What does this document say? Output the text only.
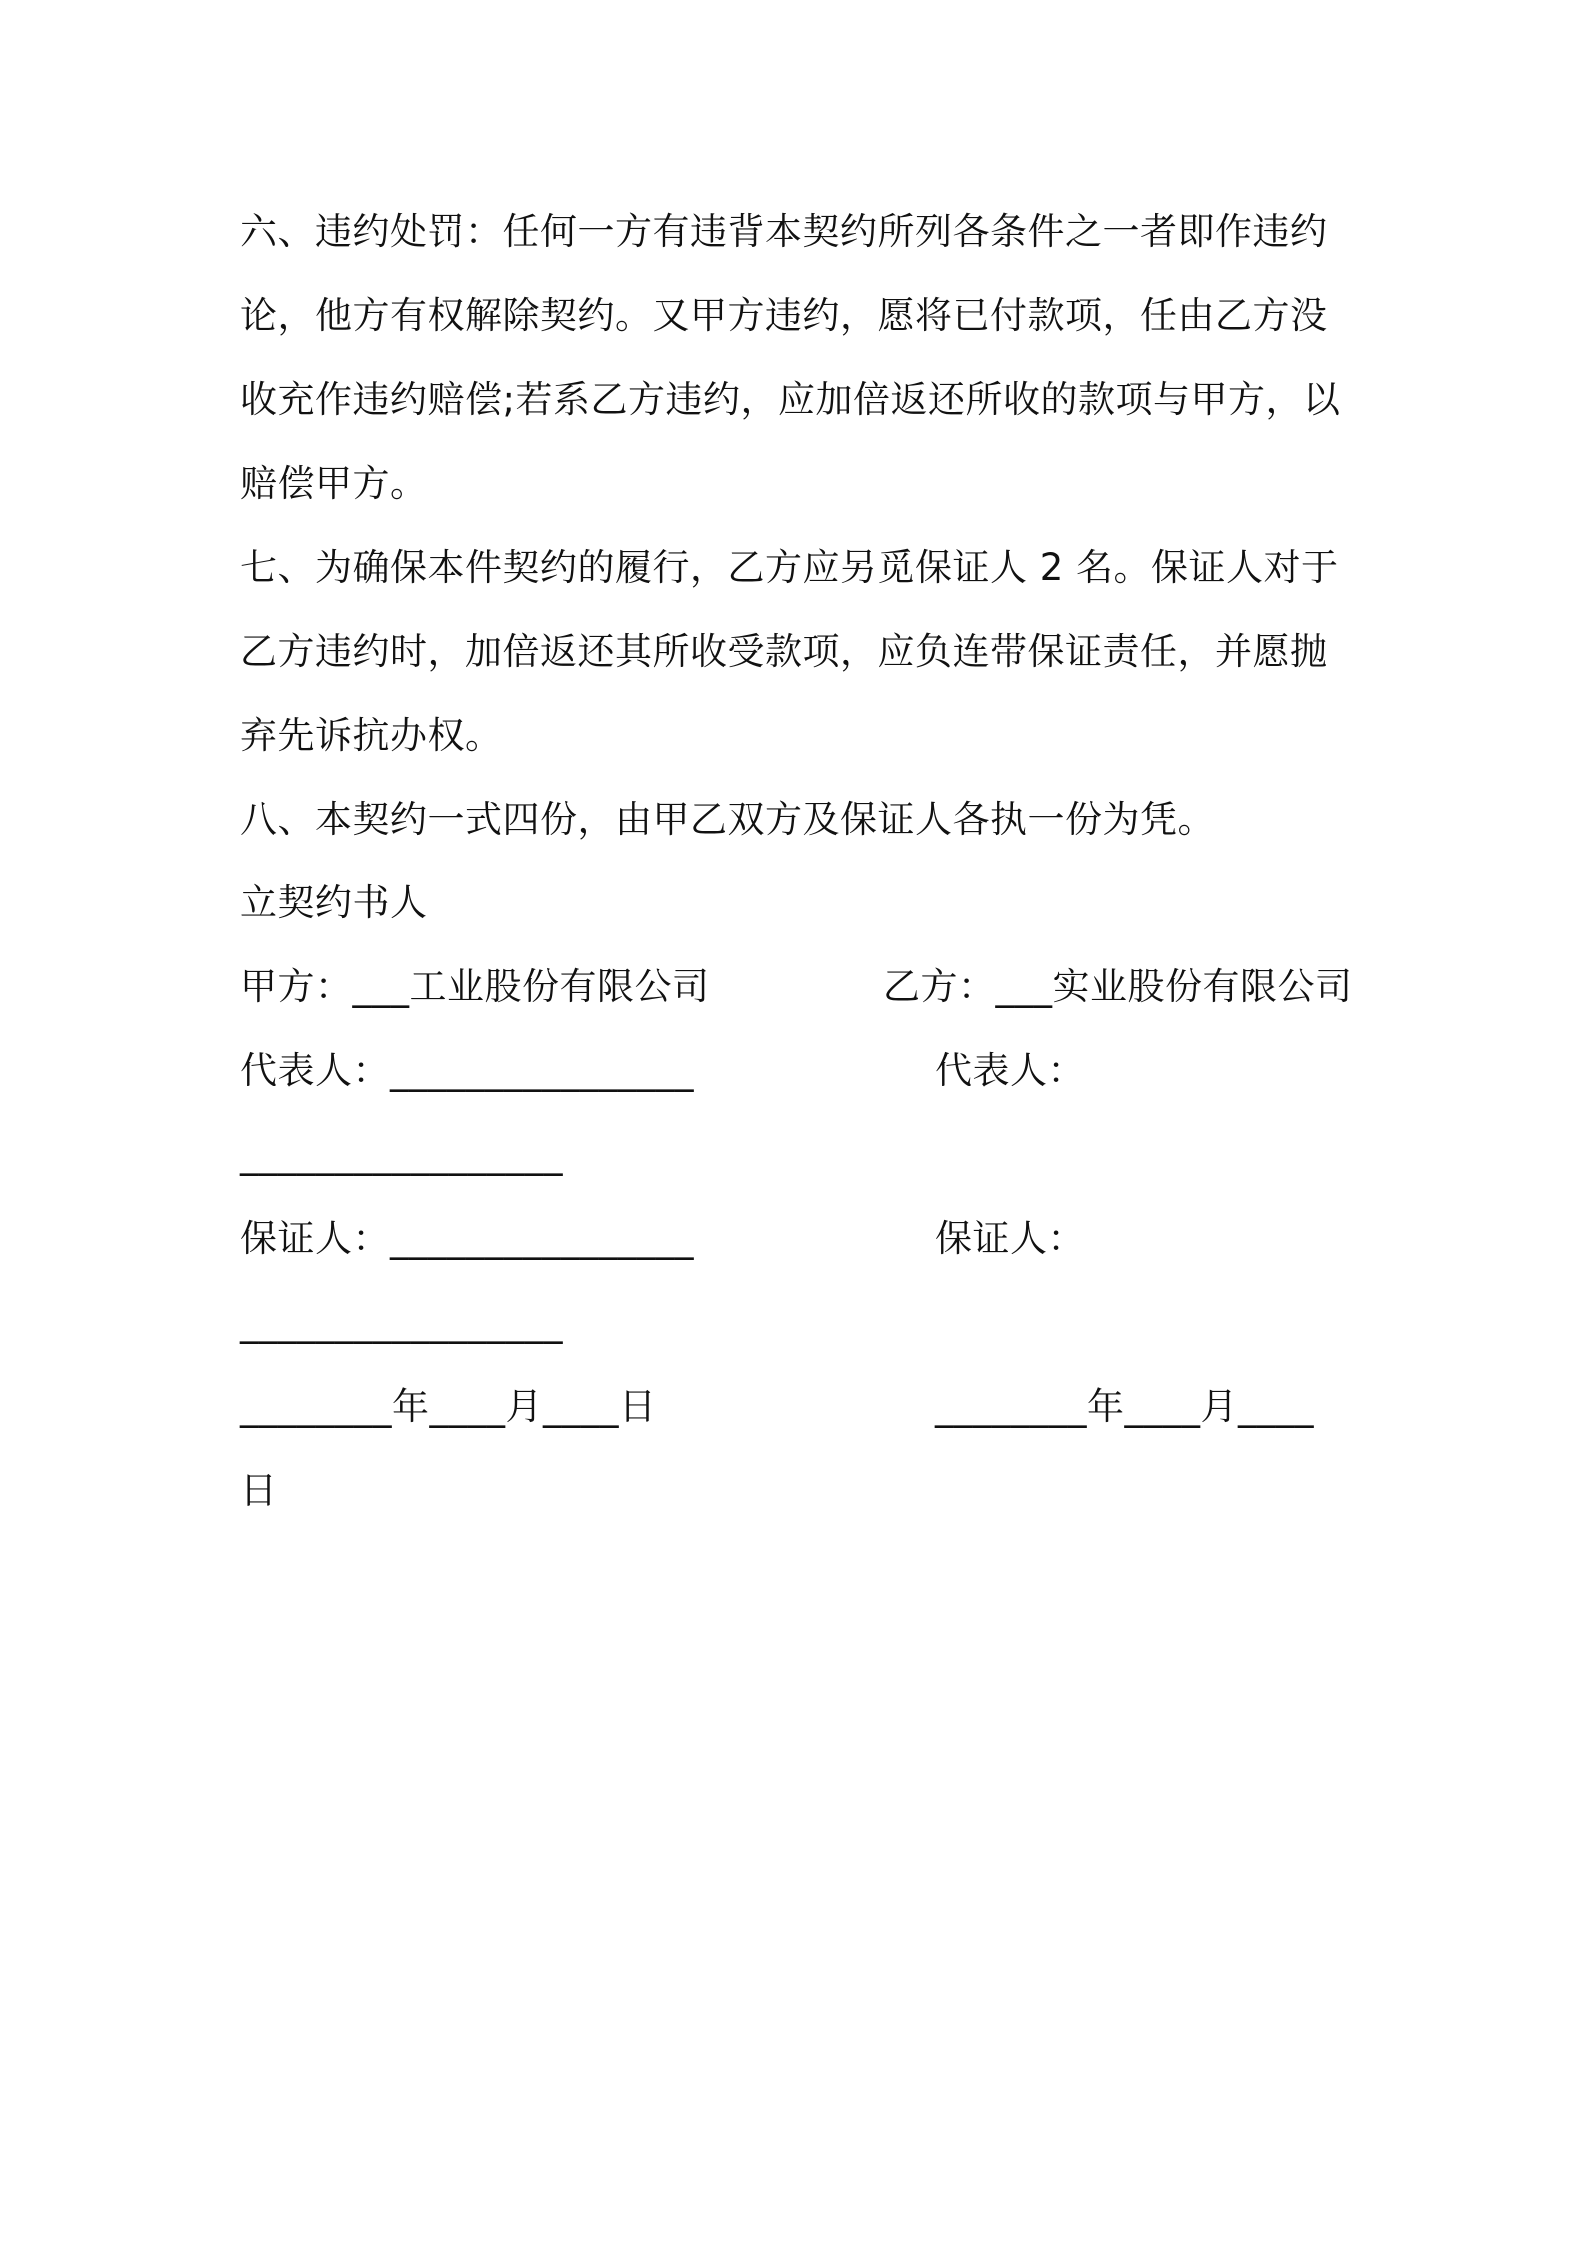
六、违约处罚：任何一方有违背本契约所列各条件之一者即作违约论，他方有权解除契约。又甲方违约，愿将已付款项，任由乙方没收充作违约赔偿;若系乙方违约，应加倍返还所收的款项与甲方，以赔偿甲方。

七、为确保本件契约的履行，乙方应另觅保证人 2 名。保证人对于乙方违约时，加倍返还其所收受款项，应负连带保证责任，并愿抛弃先诉抗办权。

八、本契约一式四份，由甲乙双方及保证人各执一份为凭。

立契约书人
甲方：___工业股份有限公司	乙方：___实业股份有限公司
代表人：________________	代表人：
_________________
保证人：________________	保证人：
_________________
________年____月____日	________年____月____
日
